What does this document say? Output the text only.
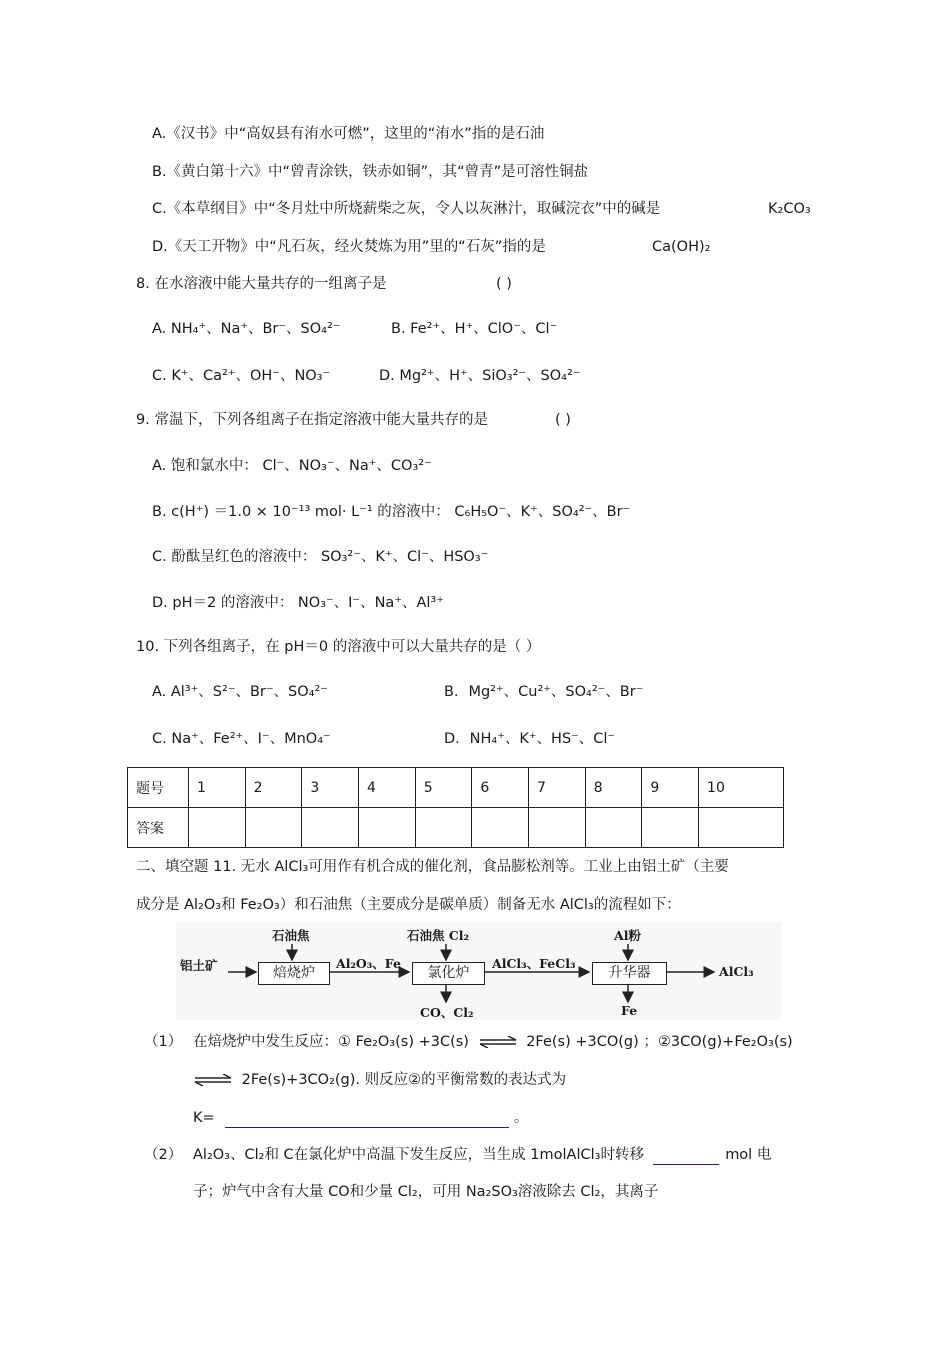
A.《汉书》中“高奴县有洧水可燃”，这里的“洧水”指的是石油
B.《黄白第十六》中“曾青涂铁，铁赤如铜”，其“曾青”是可溶性铜盐
C.《本草纲目》中“冬月灶中所烧薪柴之灰，令人以灰淋汁，取碱浣衣”中的碱是	K₂CO₃
D.《天工开物》中“凡石灰，经火焚炼为用”里的“石灰”指的是	Ca(OH)₂
8. 在水溶液中能大量共存的一组离子是	( )
A. NH₄⁺、Na⁺、Br⁻、SO₄²⁻	B. Fe²⁺、H⁺、ClO⁻、Cl⁻
C. K⁺、Ca²⁺、OH⁻、NO₃⁻	D. Mg²⁺、H⁺、SiO₃²⁻、SO₄²⁻
9. 常温下，下列各组离子在指定溶液中能大量共存的是	( )
A. 饱和氯水中： Cl⁻、NO₃⁻、Na⁺、CO₃²⁻
B. c(H⁺) ＝1.0 × 10⁻¹³ mol· L⁻¹ 的溶液中： C₆H₅O⁻、K⁺、SO₄²⁻、Br⁻
C. 酚酞呈红色的溶液中： SO₃²⁻、K⁺、Cl⁻、HSO₃⁻
D. pH＝2 的溶液中： NO₃⁻、I⁻、Na⁺、Al³⁺
10. 下列各组离子，在 pH＝0 的溶液中可以大量共存的是（ ）
A. Al³⁺、S²⁻、Br⁻、SO₄²⁻	B．Mg²⁺、Cu²⁺、SO₄²⁻、Br⁻
C. Na⁺、Fe²⁺、I⁻、MnO₄⁻	D．NH₄⁺、K⁺、HS⁻、Cl⁻
题号	1	2	3	4	5	6	7	8	9	10
答案										
二、填空题 11. 无水 AlCl₃可用作有机合成的催化剂，食品膨松剂等。工业上由铝土矿（主要
成分是 Al₂O₃和 Fe₂O₃）和石油焦（主要成分是碳单质）制备无水 AlCl₃的流程如下：
石油焦	石油焦 Cl₂	Al粉
铝土矿	焙烧炉
Al₂O₃、Fe
氯化炉
AlCl₃、FeCl₃
升华器	AlCl₃
CO、Cl₂	Fe
（1） 在焙烧炉中发生反应：① Fe₂O₃(s) +3C(s) ⇌ 2Fe(s) +3CO(g) ；②3CO(g)+Fe₂O₃(s)
⇌ 2Fe(s)+3CO₂(g). 则反应②的平衡常数的表达式为
K=	。
（2） Al₂O₃、Cl₂和 C在氯化炉中高温下发生反应，当生成 1molAlCl₃时转移	mol 电
子；炉气中含有大量 CO和少量 Cl₂，可用 Na₂SO₃溶液除去 Cl₂，其离子
